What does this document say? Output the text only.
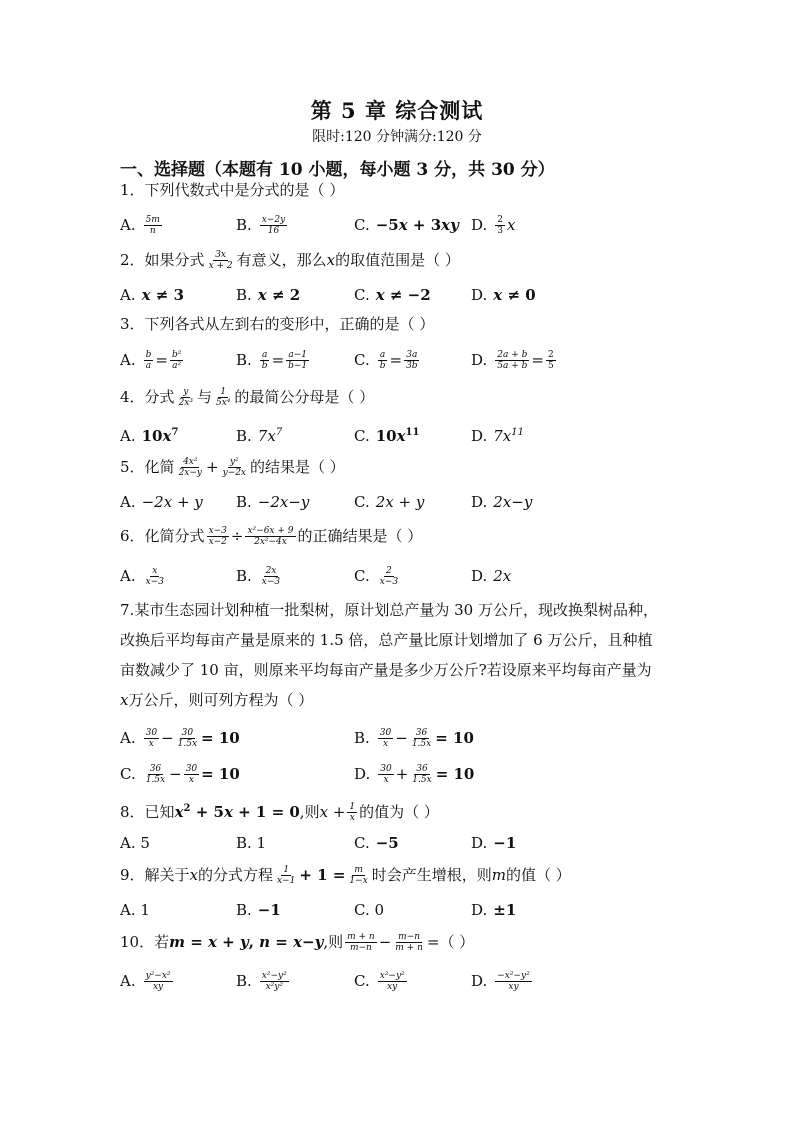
第 5 章 综合测试
限时:120 分钟满分:120 分
一、选择题（本题有 10 小题，每小题 3 分，共 30 分）
1．下列代数式中是分式的是（ ）
A. $\frac{5m}{n}$	B. $\frac{x-2y}{16}$	C. −5x + 3xy D. $\frac{2}{3}$ x
2．如果分式 $\frac{3x}{x + 2}$ 有意义，那么x的取值范围是（ ）
A. x ≠ 3	B. x ≠ 2	C. x ≠ −2	D. x ≠ 0
3．下列各式从左到右的变形中，正确的是（ ）
A. $\frac{b}{a} = \frac{\text{b²}}{\text{a²}}$	B. $\frac{a}{b} = \frac{a-1}{b-1}$	C. $\frac{a}{b} = \frac{3a}{3b}$	D. $\frac{2a + b}{5a + b} = \frac{2}{5}$
4．分式 $\frac{y}{\text{2x³}}$ 与 $\frac{1}{\text{5x⁴}}$ 的最简公分母是（ ）
A. $10x^7$	B. $7x^7$	C. $10x^{11}$	D. $7x^{11}$
5．化简 $\frac{\text{4x²}}{2x-y} + \frac{\text{y²}}{y-2x}$ 的结果是（ ）
A. −2x + y B. −2x−y	C. 2x + y	D. 2x−y
6．化简分式 $\frac{x-3}{x-2} \div \frac{\text{x²−6x + 9}}{\text{2x²−4x}}$ 的正确结果是（ ）
A. $\frac{x}{x-3}$	B. $\frac{2x}{x-3}$	C. $\frac{2}{x-3}$	D. 2x
7.某市生态园计划种植一批梨树，原计划总产量为 30 万公斤，现改换梨树品种，
改换后平均每亩产量是原来的 1.5 倍，总产量比原计划增加了 6 万公斤，且种植
亩数减少了 10 亩，则原来平均每亩产量是多少万公斤?若设原来平均每亩产量为
x万公斤，则可列方程为（ ）
A. $\frac{30}{x} - \frac{30}{1.5x} = 10$	B. $\frac{30}{x} - \frac{36}{1.5x} = 10$
C. $\frac{36}{1.5x} - \frac{30}{x} = 10$	D. $\frac{30}{x} + \frac{36}{1.5x} = 10$
8．已知$x^2 + 5x + 1 = 0$,则$x + \frac{1}{x}$ 的值为（ ）
A. 5	B. 1	C. −5	D. −1
9．解关于x的分式方程 $\frac{1}{x-1} + 1 = \frac{m}{1-x}$ 时会产生增根，则m的值（ ）
A. 1	B. −1	C. 0	D. ±1
10．若m = x + y, n = x−y,则 $\frac{m + n}{m-n} - \frac{m-n}{m + n}$ =（ ）
A. $\frac{\text{y²−x²}}{xy}$	B. $\frac{\text{x²−y²}}{\text{x²y²}}$	C. $\frac{\text{x²−y²}}{xy}$	D. $\frac{\text{−x²−y²}}{xy}$
